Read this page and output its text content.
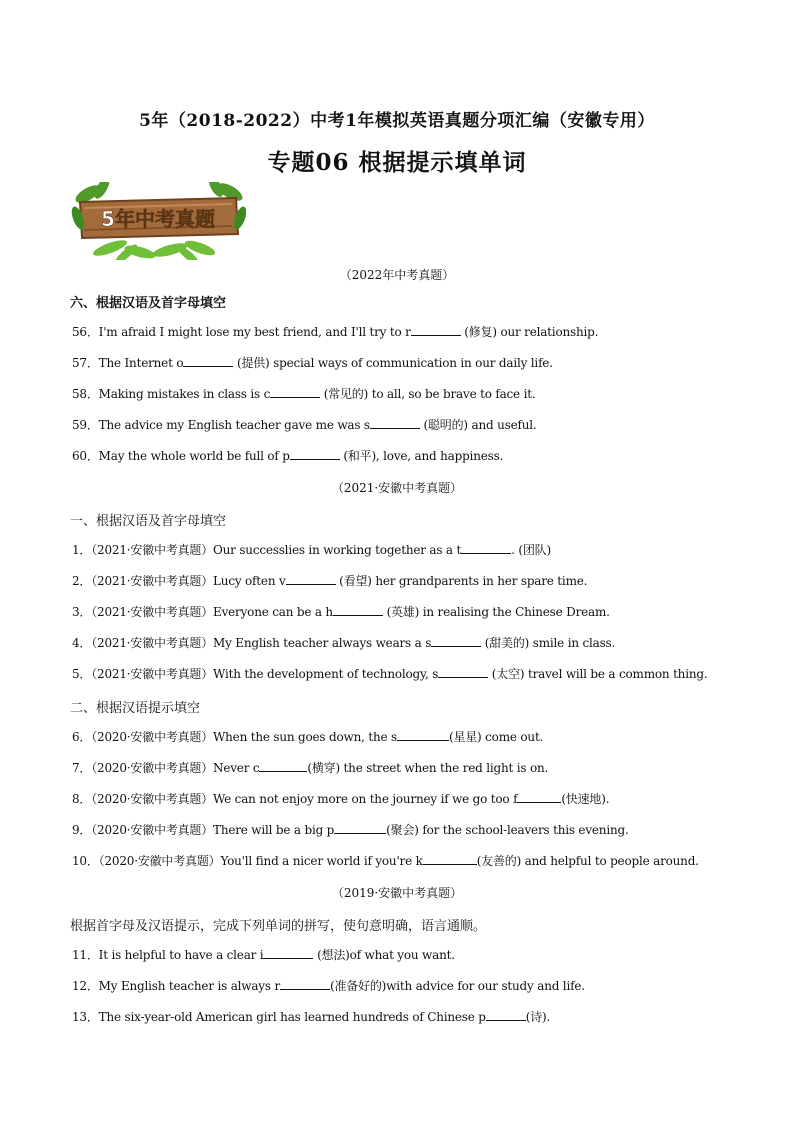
5年（2018-2022）中考1年模拟英语真题分项汇编（安徽专用）
专题06 根据提示填单词
5年中考真题
（2022年中考真题）
六、根据汉语及首字母填空
56．I'm afraid I might lose my best friend, and I'll try to r	(修复) our relationship.
57．The Internet o	(提供) special ways of communication in our daily life.
58．Making mistakes in class is c	(常见的) to all, so be brave to face it.
59．The advice my English teacher gave me was s	(聪明的) and useful.
60．May the whole world be full of p	(和平), love, and happiness.
（2021·安徽中考真题）
一、根据汉语及首字母填空
1．（2021·安徽中考真题）Our successlies in working together as a t	. (团队)
2．（2021·安徽中考真题）Lucy often v	(看望) her grandparents in her spare time.
3．（2021·安徽中考真题）Everyone can be a h	(英雄) in realising the Chinese Dream.
4．（2021·安徽中考真题）My English teacher always wears a s	(甜美的) smile in class.
5．（2021·安徽中考真题）With the development of technology, s	(太空) travel will be a common thing.
二、根据汉语提示填空
6．（2020·安徽中考真题）When the sun goes down, the s	(星星) come out.
7．（2020·安徽中考真题）Never c	(横穿) the street when the red light is on.
8．（2020·安徽中考真题）We can not enjoy more on the journey if we go too f	(快速地).
9．（2020·安徽中考真题）There will be a big p	(聚会) for the school-leavers this evening.
10．（2020·安徽中考真题）You'll find a nicer world if you're k	(友善的) and helpful to people around.
（2019·安徽中考真题）
根据首字母及汉语提示，完成下列单词的拼写，使句意明确，语言通顺。
11．It is helpful to have a clear i	(想法)of what you want.
12．My English teacher is always r	(准备好的)with advice for our study and life.
13．The six-year-old American girl has learned hundreds of Chinese p	(诗).
